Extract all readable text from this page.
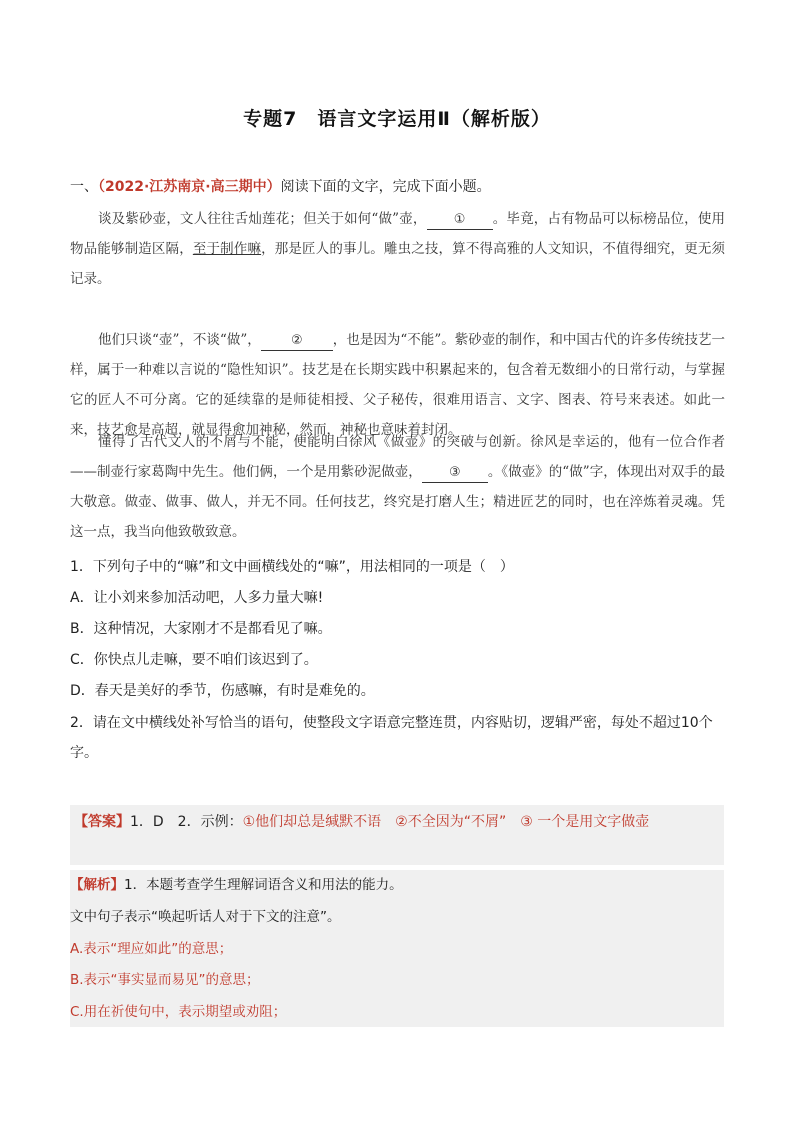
专题7　语言文字运用Ⅱ（解析版）
一、（2022·江苏南京·高三期中）阅读下面的文字，完成下面小题。

谈及紫砂壶，文人往往舌灿莲花；但关于如何“做”壶， ① 。毕竟，占有物品可以标榜品位，使用物品能够制造区隔，至于制作嘛，那是匠人的事儿。雕虫之技，算不得高雅的人文知识，不值得细究，更无须记录。

他们只谈“壶”，不谈“做”， ② ，也是因为“不能”。紫砂壶的制作，和中国古代的许多传统技艺一样，属于一种难以言说的“隐性知识”。技艺是在长期实践中积累起来的，包含着无数细小的日常行动，与掌握它的匠人不可分离。它的延续靠的是师徒相授、父子秘传，很难用语言、文字、图表、符号来表述。如此一来，技艺愈是高超，就显得愈加神秘，然而，神秘也意味着封闭。

懂得了古代文人的不屑与不能，便能明白徐风《做壶》的突破与创新。徐风是幸运的，他有一位合作者——制壶行家葛陶中先生。他们俩，一个是用紫砂泥做壶， ③ 。《做壶》的“做”字，体现出对双手的最大敬意。做壶、做事、做人，并无不同。任何技艺，终究是打磨人生；精进匠艺的同时，也在淬炼着灵魂。凭这一点，我当向他致敬致意。

1．下列句子中的“嘛”和文中画横线处的“嘛”，用法相同的一项是（　）

A．让小刘来参加活动吧，人多力量大嘛!

B．这种情况，大家刚才不是都看见了嘛。

C．你快点儿走嘛，要不咱们该迟到了。

D．春天是美好的季节，伤感嘛，有时是难免的。

2．请在文中横线处补写恰当的语句，使整段文字语意完整连贯，内容贴切，逻辑严密，每处不超过10个字。

【答案】1．D　2．示例：①他们却总是缄默不语　 ②不全因为“不屑”　 ③ 一个是用文字做壶
【解析】1．本题考查学生理解词语含义和用法的能力。
文中句子表示“唤起听话人对于下文的注意”。
A.表示“理应如此”的意思；
B.表示“事实显而易见”的意思；
C.用在祈使句中，表示期望或劝阻；
